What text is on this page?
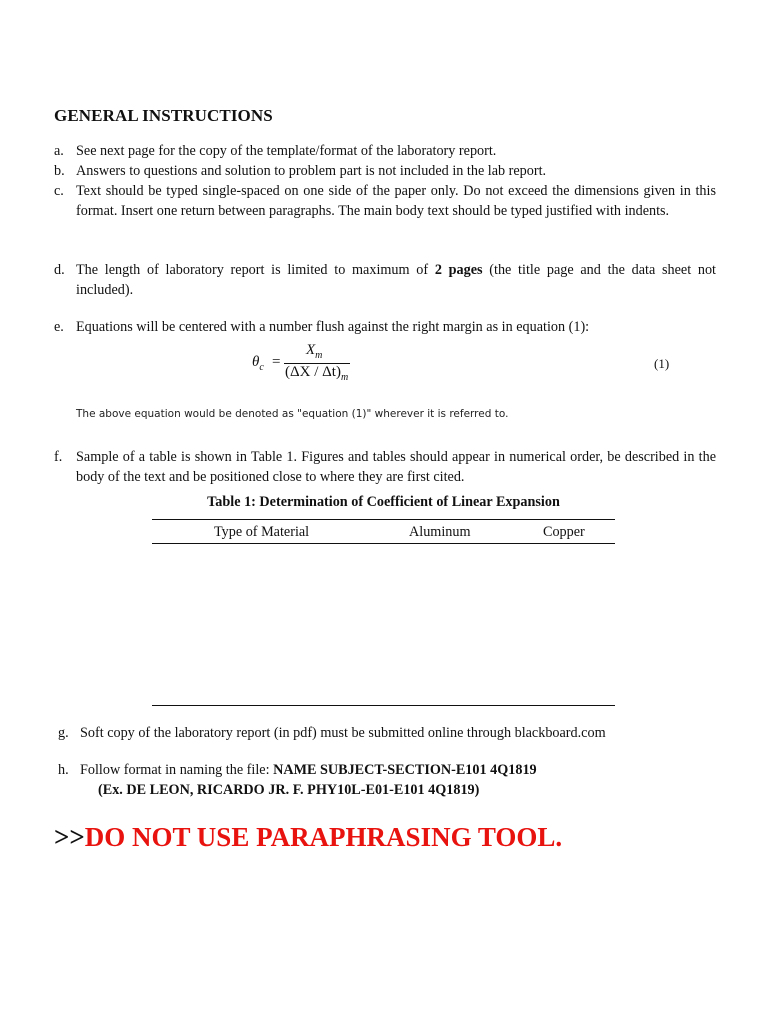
GENERAL INSTRUCTIONS
a. See next page for the copy of the template/format of the laboratory report.
b. Answers to questions and solution to problem part is not included in the lab report.
c. Text should be typed single-spaced on one side of the paper only. Do not exceed the dimensions given in this format. Insert one return between paragraphs. The main body text should be typed justified with indents.
d. The length of laboratory report is limited to maximum of 2 pages (the title page and the data sheet not included).
e. Equations will be centered with a number flush against the right margin as in equation (1):
$\theta_c$ =
$X_m$
$(\Delta X / \Delta t)_m$
(1)
The above equation would be denoted as "equation (1)" wherever it is referred to.
f. Sample of a table is shown in Table 1. Figures and tables should appear in numerical order, be described in the body of the text and be positioned close to where they are first cited.
Table 1: Determination of Coefficient of Linear Expansion
Type of Material	Aluminum	Copper
g. Soft copy of the laboratory report (in pdf) must be submitted online through blackboard.com
h. Follow format in naming the file: NAME SUBJECT-SECTION-E101 4Q1819
(Ex. DE LEON, RICARDO JR. F. PHY10L-E01-E101 4Q1819)
>>DO NOT USE PARAPHRASING TOOL.
